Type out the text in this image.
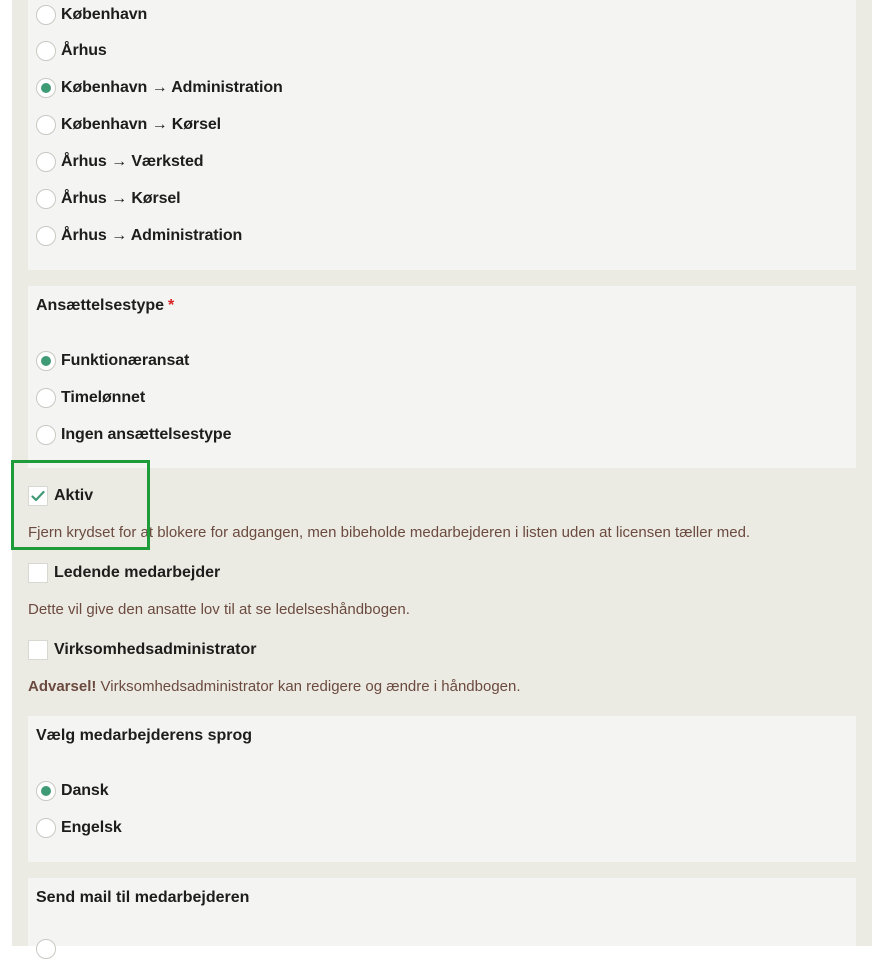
København
Århus
København → Administration
København → Kørsel
Århus → Værksted
Århus → Kørsel
Århus → Administration
Ansættelsestype *
Funktionæransat
Timelønnet
Ingen ansættelsestype
Aktiv
Fjern krydset for at blokere for adgangen, men bibeholde medarbejderen i listen uden at licensen tæller med.
Ledende medarbejder
Dette vil give den ansatte lov til at se ledelseshåndbogen.
Virksomhedsadministrator
Advarsel! Virksomhedsadministrator kan redigere og ændre i håndbogen.
Vælg medarbejderens sprog
Dansk
Engelsk
Send mail til medarbejderen
